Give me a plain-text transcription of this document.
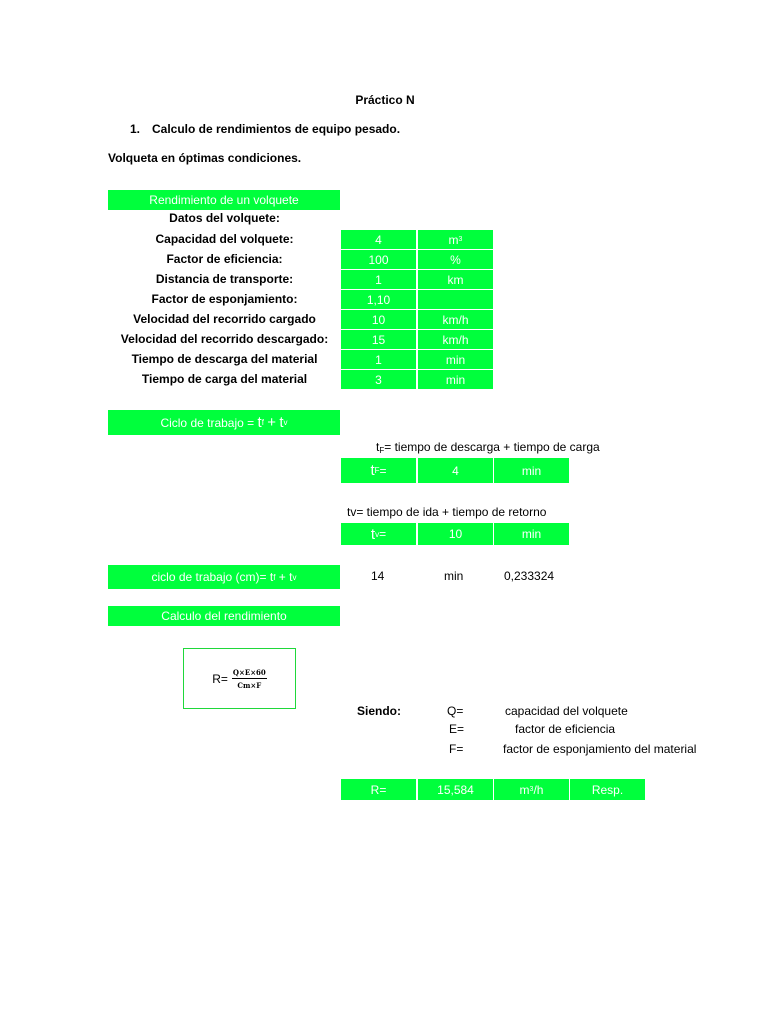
Práctico N
1. Calculo de rendimientos de equipo pesado.
Volqueta en óptimas condiciones.
Rendimiento de un volquete
Datos del volquete:
Capacidad del volquete:	4	m 3
Factor de eficiencia:	100	%
Distancia de transporte:	1	km
Factor de esponjamiento:	1,10
Velocidad del recorrido cargado	10	km/h
Velocidad del recorrido descargado:	15	km/h
Tiempo de descarga del material	1	min
Tiempo de carga del material	3	min
Ciclo de trabajo =
t f
+
t v
$t_F=$ tiempo de descarga + tiempo de carga
t F =	4	min
tv= tiempo de ida + tiempo de retorno
t v =	10	min
ciclo de trabajo (cm)=
t f
+
t v	14	min	0,233324
Calculo del rendimiento
$R= \frac{Q\times E\times 60}{Cm\times F}$
Siendo:	Q=	capacidad del volquete
E=	factor de eficiencia
F=	factor de esponjamiento del material
R=	15,584	m 3 /h	Resp.
